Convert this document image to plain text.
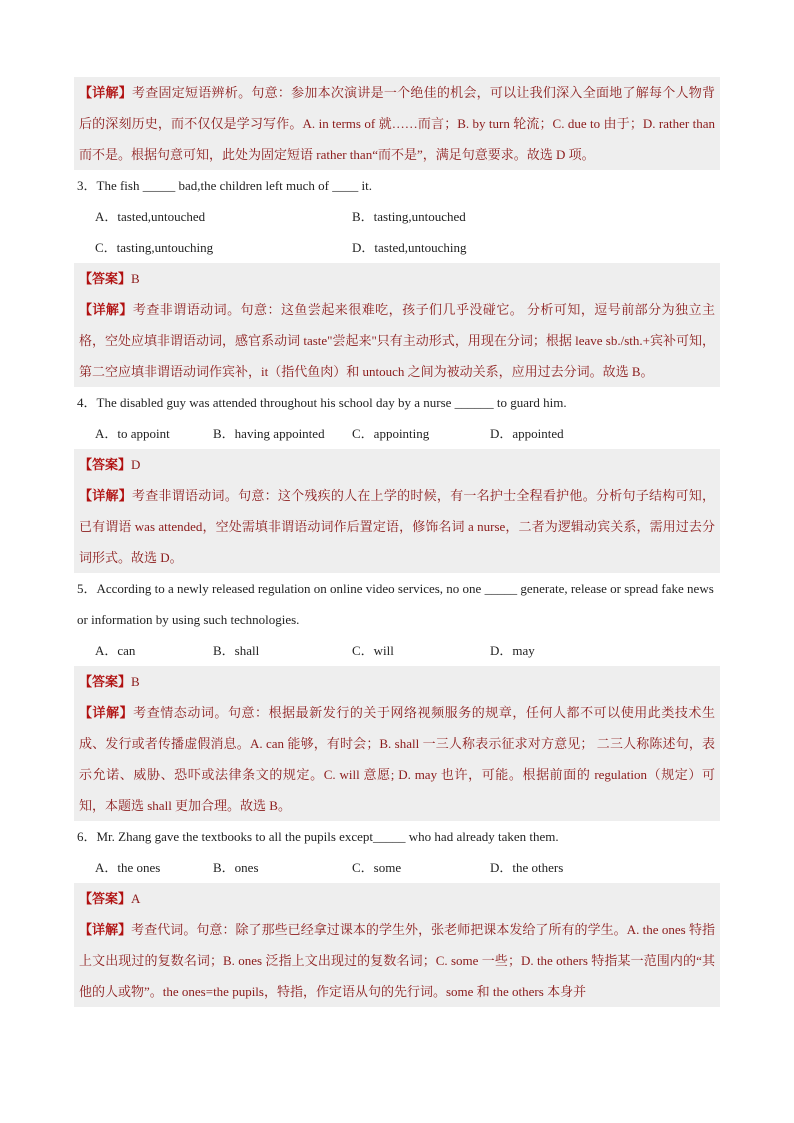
【详解】考查固定短语辨析。句意：参加本次演讲是一个绝佳的机会，可以让我们深入全面地了解每个人物背后的深刻历史，而不仅仅是学习写作。A. in terms of 就……而言；B. by turn 轮流；C. due to 由于；D. rather than 而不是。根据句意可知，此处为固定短语 rather than“而不是”，满足句意要求。故选 D 项。
3．The fish _____ bad,the children left much of ____ it.
A．tasted,untouched	B．tasting,untouched
C．tasting,untouching	D．tasted,untouching
【答案】B
【详解】考查非谓语动词。句意：这鱼尝起来很难吃，孩子们几乎没碰它。 分析可知，逗号前部分为独立主格，空处应填非谓语动词，感官系动词 taste"尝起来"只有主动形式，用现在分词；根据 leave sb./sth.+宾补可知，第二空应填非谓语动词作宾补，it（指代鱼肉）和 untouch 之间为被动关系，应用过去分词。故选 B。
4．The disabled guy was attended throughout his school day by a nurse ______ to guard him.
A．to appoint	B．having appointed C．appointing	D．appointed
【答案】D
【详解】考查非谓语动词。句意：这个残疾的人在上学的时候，有一名护士全程看护他。分析句子结构可知，已有谓语 was attended，空处需填非谓语动词作后置定语，修饰名词 a nurse，二者为逻辑动宾关系，需用过去分词形式。故选 D。
5．According to a newly released regulation on online video services, no one _____ generate, release or spread fake news or information by using such technologies.
A．can	B．shall	C．will	D．may
【答案】B
【详解】考查情态动词。句意：根据最新发行的关于网络视频服务的规章，任何人都不可以使用此类技术生成、发行或者传播虚假消息。A. can 能够，有时会；B. shall 一三人称表示征求对方意见； 二三人称陈述句，表示允诺、威胁、恐吓或法律条文的规定。C. will 意愿; D. may 也许，可能。根据前面的 regulation（规定）可知，本题选 shall 更加合理。故选 B。
6．Mr. Zhang gave the textbooks to all the pupils except_____ who had already taken them.
A．the ones	B．ones	C．some	D．the others
【答案】A
【详解】考查代词。句意：除了那些已经拿过课本的学生外，张老师把课本发给了所有的学生。A. the ones 特指上文出现过的复数名词；B. ones 泛指上文出现过的复数名词；C. some 一些；D. the others 特指某一范围内的“其他的人或物”。the ones=the pupils，特指，作定语从句的先行词。some 和 the others 本身并
